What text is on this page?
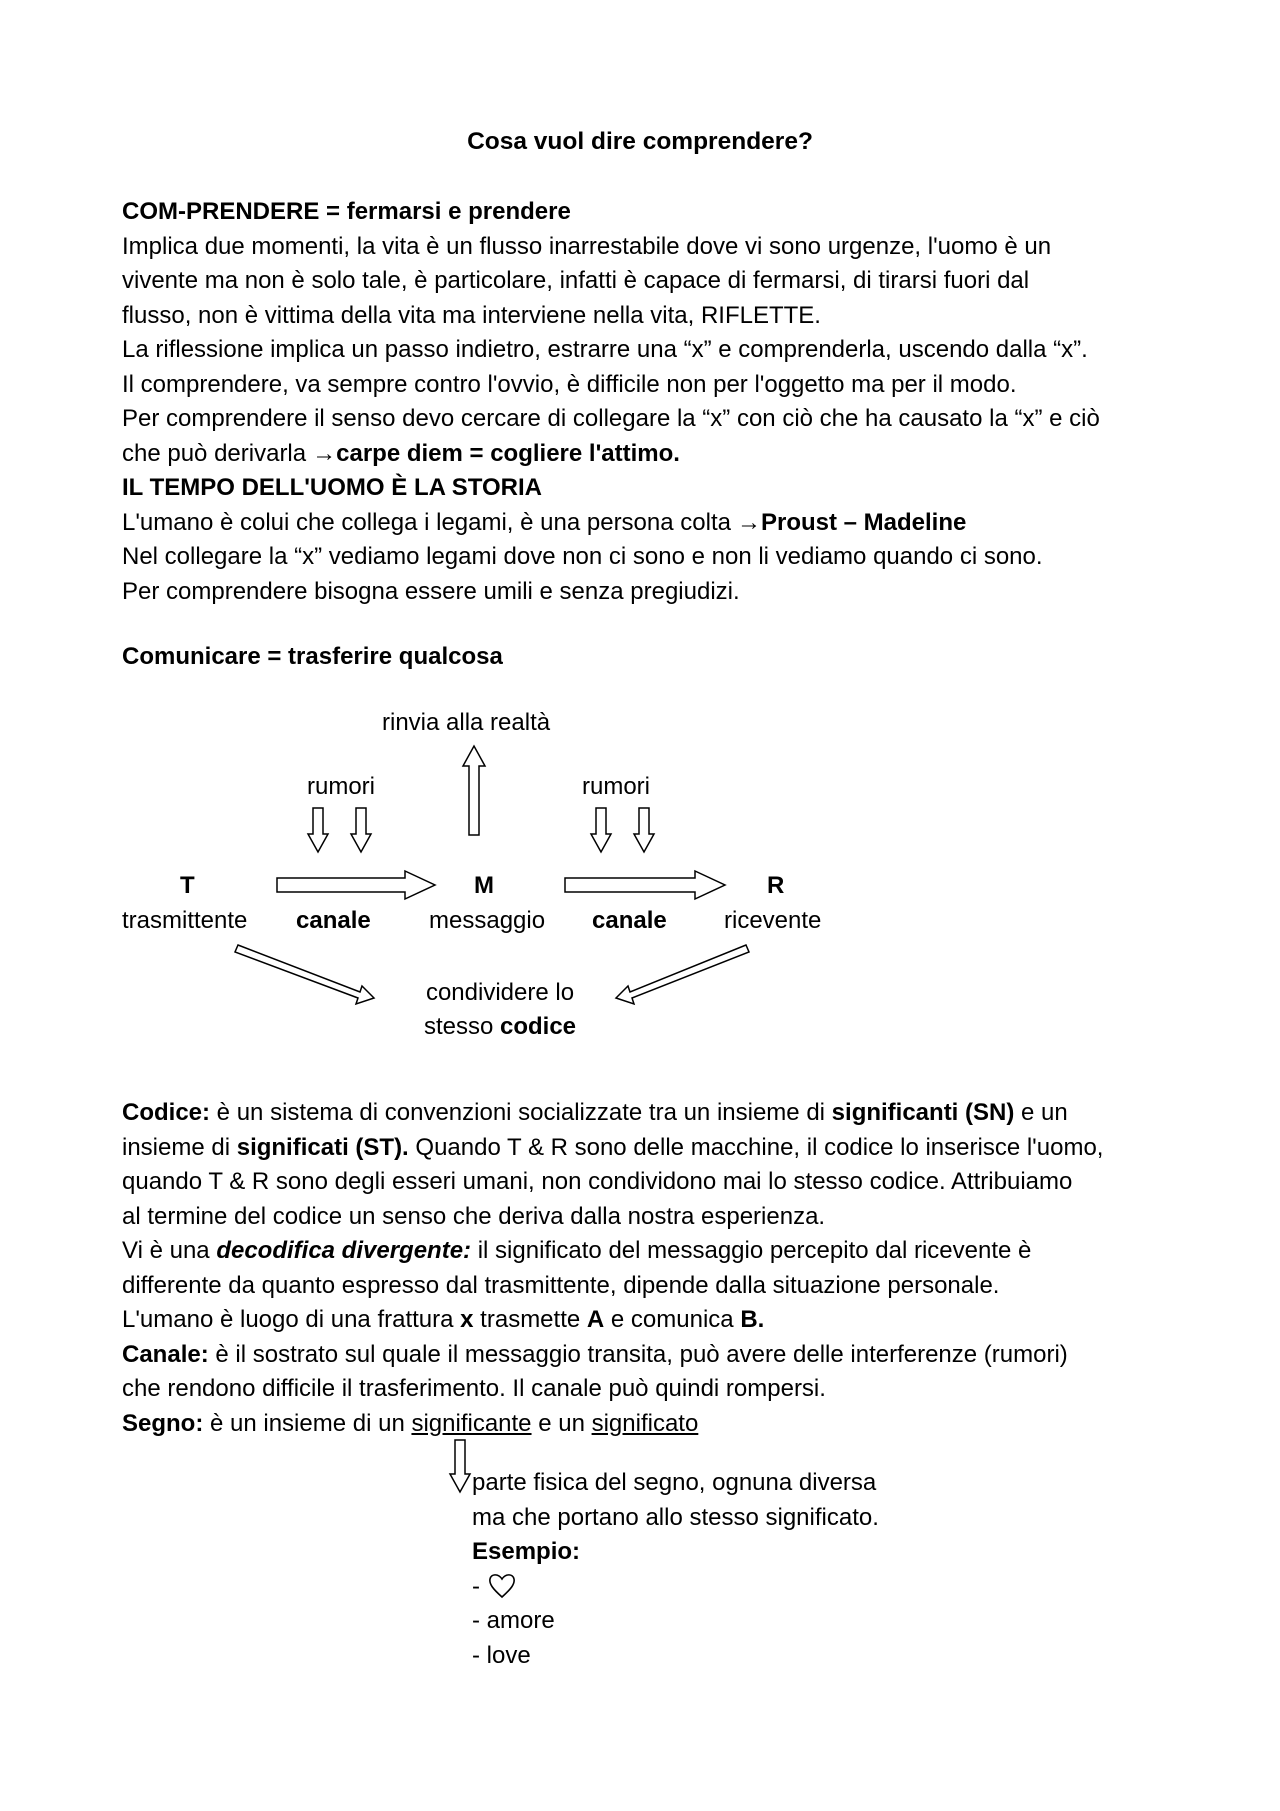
Cosa vuol dire comprendere?
COM-PRENDERE = fermarsi e prendere
Implica due momenti, la vita è un flusso inarrestabile dove vi sono urgenze, l'uomo è un
vivente ma non è solo tale, è particolare, infatti è capace di fermarsi, di tirarsi fuori dal
flusso, non è vittima della vita ma interviene nella vita, RIFLETTE.
La riflessione implica un passo indietro, estrarre una “x” e comprenderla, uscendo dalla “x”.
Il comprendere, va sempre contro l'ovvio, è difficile non per l'oggetto ma per il modo.
Per comprendere il senso devo cercare di collegare la “x” con ciò che ha causato la “x” e ciò
che può derivarla →carpe diem = cogliere l'attimo.
IL TEMPO DELL'UOMO È LA STORIA
L'umano è colui che collega i legami, è una persona colta →Proust – Madeline
Nel collegare la “x” vediamo legami dove non ci sono e non li vediamo quando ci sono.
Per comprendere bisogna essere umili e senza pregiudizi.
Comunicare = trasferire qualcosa
rinvia alla realtà
rumori	rumori
T
trasmittente canale
M
messaggio canale
R
ricevente
condividere lo
stesso codice
Codice: è un sistema di convenzioni socializzate tra un insieme di significanti (SN) e un
insieme di significati (ST). Quando T & R sono delle macchine, il codice lo inserisce l'uomo,
quando T & R sono degli esseri umani, non condividono mai lo stesso codice. Attribuiamo
al termine del codice un senso che deriva dalla nostra esperienza.
Vi è una decodifica divergente: il significato del messaggio percepito dal ricevente è
differente da quanto espresso dal trasmittente, dipende dalla situazione personale.
L'umano è luogo di una frattura x trasmette A e comunica B.
Canale: è il sostrato sul quale il messaggio transita, può avere delle interferenze (rumori)
che rendono difficile il trasferimento. Il canale può quindi rompersi.
Segno: è un insieme di un significante e un significato
parte fisica del segno, ognuna diversa
ma che portano allo stesso significato.
Esempio:
-
- amore
- love
